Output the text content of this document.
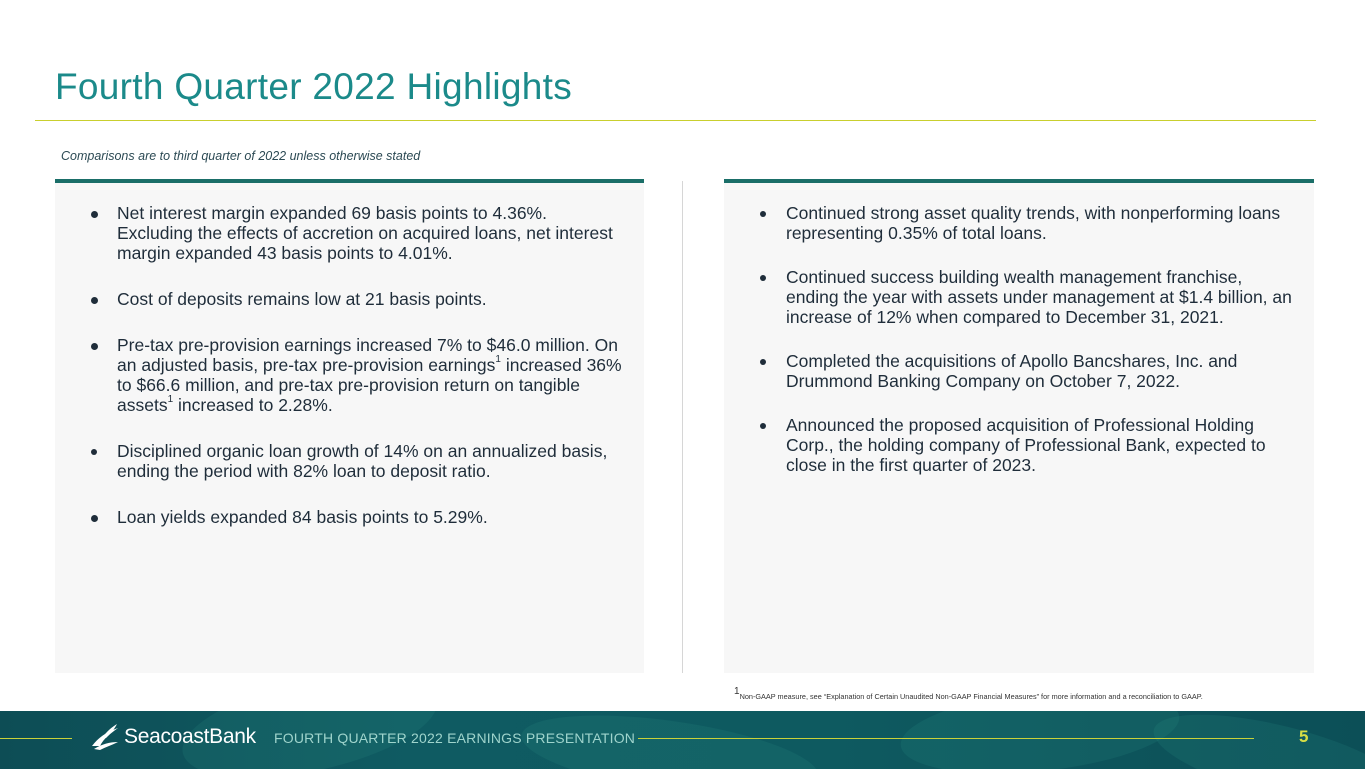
Fourth Quarter 2022 Highlights
Comparisons are to third quarter of 2022 unless otherwise stated
Net interest margin expanded 69 basis points to 4.36%. Excluding the effects of accretion on acquired loans, net interest margin expanded 43 basis points to 4.01%.
Cost of deposits remains low at 21 basis points.
Pre-tax pre-provision earnings increased 7% to $46.0 million. On an adjusted basis, pre-tax pre-provision earnings$^1$ increased 36% to $66.6 million, and pre-tax pre-provision return on tangible assets$^1$ increased to 2.28%.
Disciplined organic loan growth of 14% on an annualized basis, ending the period with 82% loan to deposit ratio.
Loan yields expanded 84 basis points to 5.29%.
Continued strong asset quality trends, with nonperforming loans representing 0.35% of total loans.
Continued success building wealth management franchise, ending the year with assets under management at $1.4 billion, an increase of 12% when compared to December 31, 2021.
Completed the acquisitions of Apollo Bancshares, Inc. and Drummond Banking Company on October 7, 2022.
Announced the proposed acquisition of Professional Holding Corp., the holding company of Professional Bank, expected to close in the first quarter of 2023.
$^1$Non-GAAP measure, see “Explanation of Certain Unaudited Non-GAAP Financial Measures” for more information and a reconciliation to GAAP.
SeacoastBank FOURTH QUARTER 2022 EARNINGS PRESENTATION	5
